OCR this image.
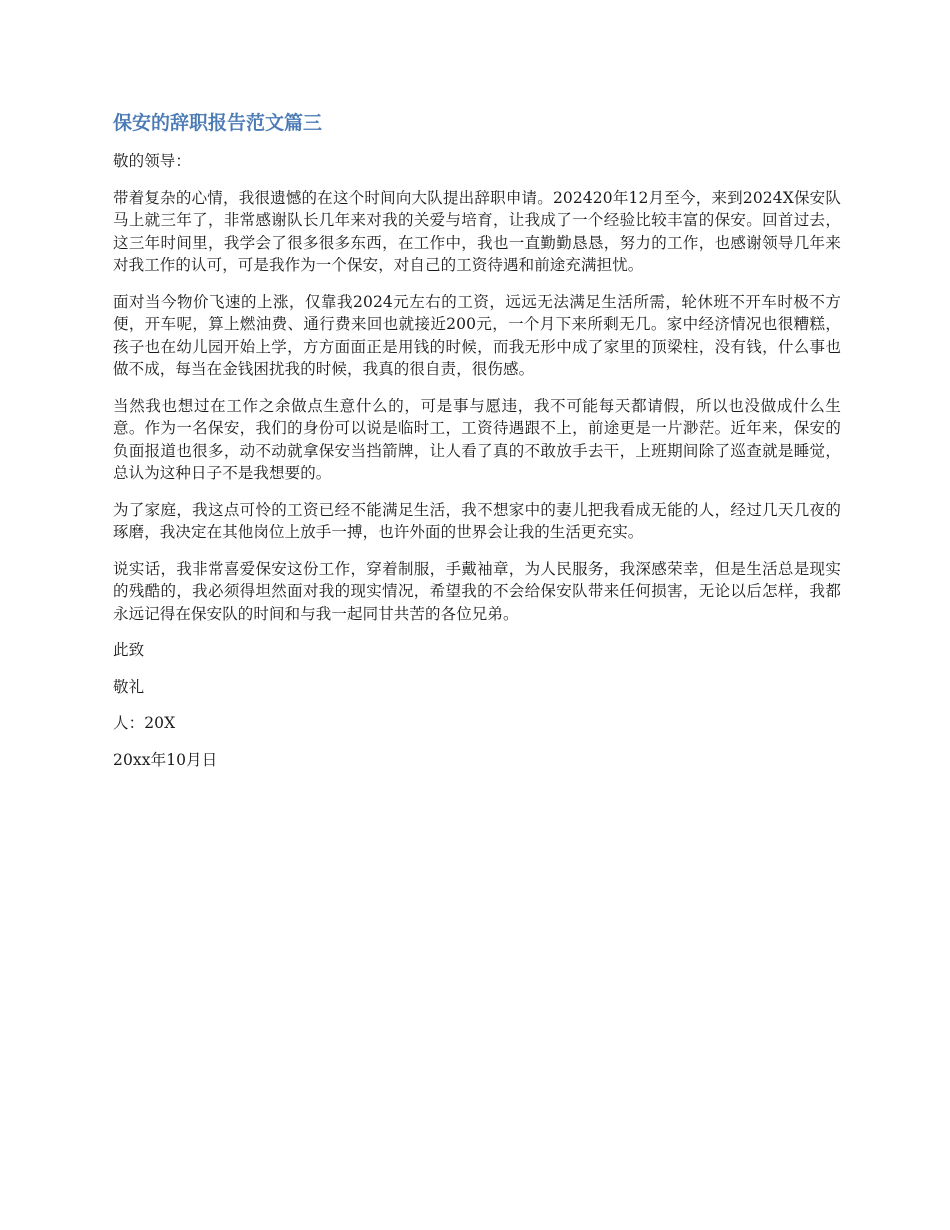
保安的辞职报告范文篇三

敬的领导：

带着复杂的心情，我很遗憾的在这个时间向大队提出辞职申请。202420年12月至今，来到2024X保安队马上就三年了，非常感谢队长几年来对我的关爱与培育，让我成了一个经验比较丰富的保安。回首过去，这三年时间里，我学会了很多很多东西，在工作中，我也一直勤勤恳恳，努力的工作，也感谢领导几年来对我工作的认可，可是我作为一个保安，对自己的工资待遇和前途充满担忧。

面对当今物价飞速的上涨，仅靠我2024元左右的工资，远远无法满足生活所需，轮休班不开车时极不方便，开车呢，算上燃油费、通行费来回也就接近200元，一个月下来所剩无几。家中经济情况也很糟糕，孩子也在幼儿园开始上学，方方面面正是用钱的时候，而我无形中成了家里的顶梁柱，没有钱，什么事也做不成，每当在金钱困扰我的时候，我真的很自责，很伤感。

当然我也想过在工作之余做点生意什么的，可是事与愿违，我不可能每天都请假，所以也没做成什么生意。作为一名保安，我们的身份可以说是临时工，工资待遇跟不上，前途更是一片渺茫。近年来，保安的负面报道也很多，动不动就拿保安当挡箭牌，让人看了真的不敢放手去干，上班期间除了巡查就是睡觉，总认为这种日子不是我想要的。

为了家庭，我这点可怜的工资已经不能满足生活，我不想家中的妻儿把我看成无能的人，经过几天几夜的琢磨，我决定在其他岗位上放手一搏，也许外面的世界会让我的生活更充实。

说实话，我非常喜爱保安这份工作，穿着制服，手戴袖章，为人民服务，我深感荣幸，但是生活总是现实的残酷的，我必须得坦然面对我的现实情况，希望我的不会给保安队带来任何损害，无论以后怎样，我都永远记得在保安队的时间和与我一起同甘共苦的各位兄弟。

此致

敬礼

人：20X

20xx年10月日
